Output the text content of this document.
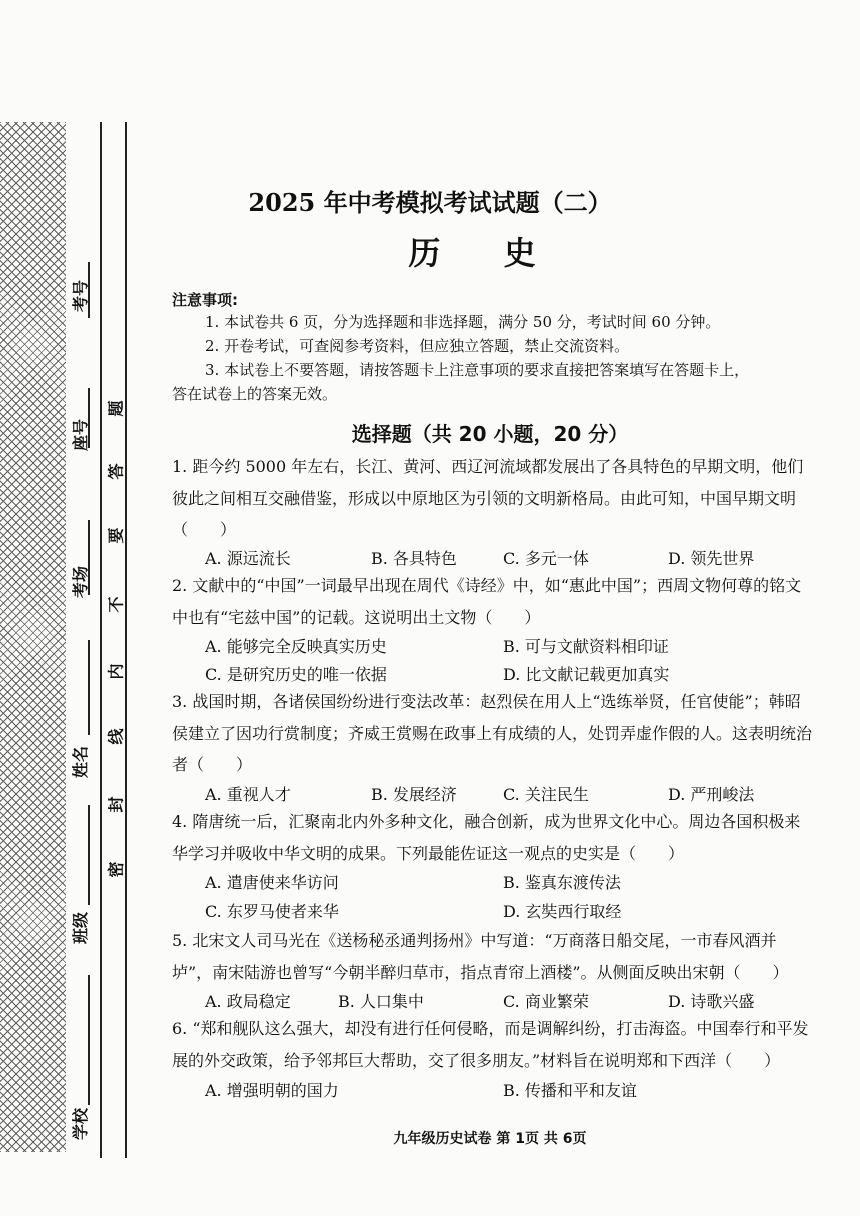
考号
座号
考场
姓名
班级
学校
题
答
要
不
内
线
封
密
2025 年中考模拟考试试题（二）
历 史
注意事项:
1. 本试卷共 6 页，分为选择题和非选择题，满分 50 分，考试时间 60 分钟。
2. 开卷考试，可查阅参考资料，但应独立答题，禁止交流资料。
3. 本试卷上不要答题，请按答题卡上注意事项的要求直接把答案填写在答题卡上，
答在试卷上的答案无效。
选择题（共 20 小题，20 分）
1. 距今约 5000 年左右，长江、黄河、西辽河流域都发展出了各具特色的早期文明，他们彼此之间相互交融借鉴，形成以中原地区为引领的文明新格局。由此可知，中国早期文明（　　）
A. 源远流长	B. 各具特色	C. 多元一体	D. 领先世界
2. 文献中的“中国”一词最早出现在周代《诗经》中，如“惠此中国”；西周文物何尊的铭文中也有“宅兹中国”的记载。这说明出土文物（　　）
A. 能够完全反映真实历史	B. 可与文献资料相印证
C. 是研究历史的唯一依据	D. 比文献记载更加真实
3. 战国时期，各诸侯国纷纷进行变法改革：赵烈侯在用人上“选练举贤，任官使能”；韩昭侯建立了因功行赏制度；齐威王赏赐在政事上有成绩的人，处罚弄虚作假的人。这表明统治者（　　）
A. 重视人才	B. 发展经济	C. 关注民生	D. 严刑峻法
4. 隋唐统一后，汇聚南北内外多种文化，融合创新，成为世界文化中心。周边各国积极来华学习并吸收中华文明的成果。下列最能佐证这一观点的史实是（　　）
A. 遣唐使来华访问	B. 鉴真东渡传法
C. 东罗马使者来华	D. 玄奘西行取经
5. 北宋文人司马光在《送杨秘丞通判扬州》中写道：“万商落日船交尾，一市春风酒并垆”，南宋陆游也曾写“今朝半醉归草市，指点青帘上酒楼”。从侧面反映出宋朝（　　）
A. 政局稳定	B. 人口集中	C. 商业繁荣	D. 诗歌兴盛
6. “郑和舰队这么强大，却没有进行任何侵略，而是调解纠纷，打击海盗。中国奉行和平发展的外交政策，给予邻邦巨大帮助，交了很多朋友。”材料旨在说明郑和下西洋（　　）
A. 增强明朝的国力	B. 传播和平和友谊
九年级历史试卷 第 1页 共 6页
